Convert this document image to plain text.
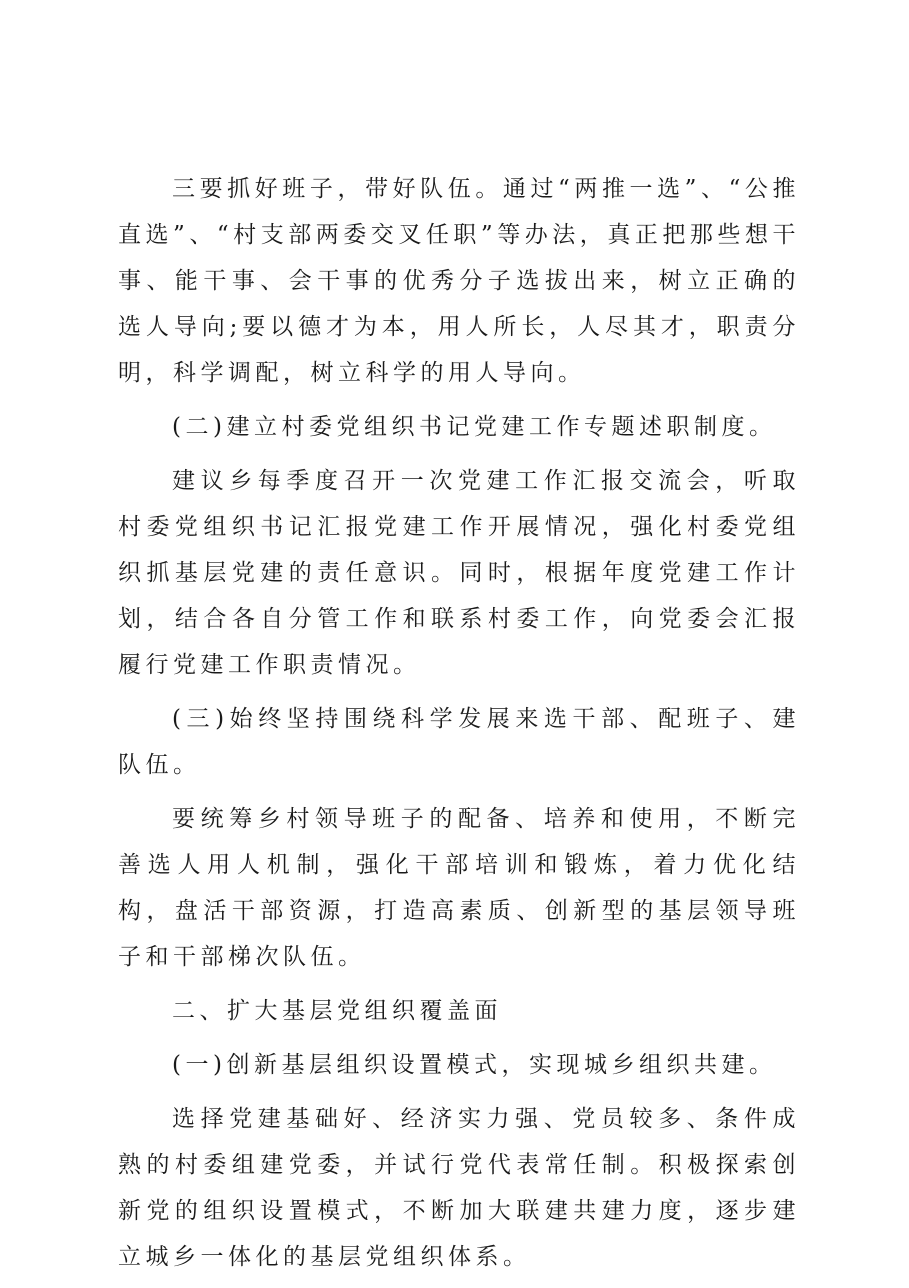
三要抓好班子，带好队伍。通过“两推一选”、“公推直选”、“村支部两委交叉任职”等办法，真正把那些想干事、能干事、会干事的优秀分子选拔出来，树立正确的选人导向;要以德才为本，用人所长，人尽其才，职责分明，科学调配，树立科学的用人导向。

(二)建立村委党组织书记党建工作专题述职制度。

建议乡每季度召开一次党建工作汇报交流会，听取村委党组织书记汇报党建工作开展情况，强化村委党组织抓基层党建的责任意识。同时，根据年度党建工作计划，结合各自分管工作和联系村委工作，向党委会汇报履行党建工作职责情况。

(三)始终坚持围绕科学发展来选干部、配班子、建队伍。

要统筹乡村领导班子的配备、培养和使用，不断完善选人用人机制，强化干部培训和锻炼，着力优化结构，盘活干部资源，打造高素质、创新型的基层领导班子和干部梯次队伍。

二、扩大基层党组织覆盖面

(一)创新基层组织设置模式，实现城乡组织共建。

选择党建基础好、经济实力强、党员较多、条件成熟的村委组建党委，并试行党代表常任制。积极探索创新党的组织设置模式，不断加大联建共建力度，逐步建立城乡一体化的基层党组织体系。
